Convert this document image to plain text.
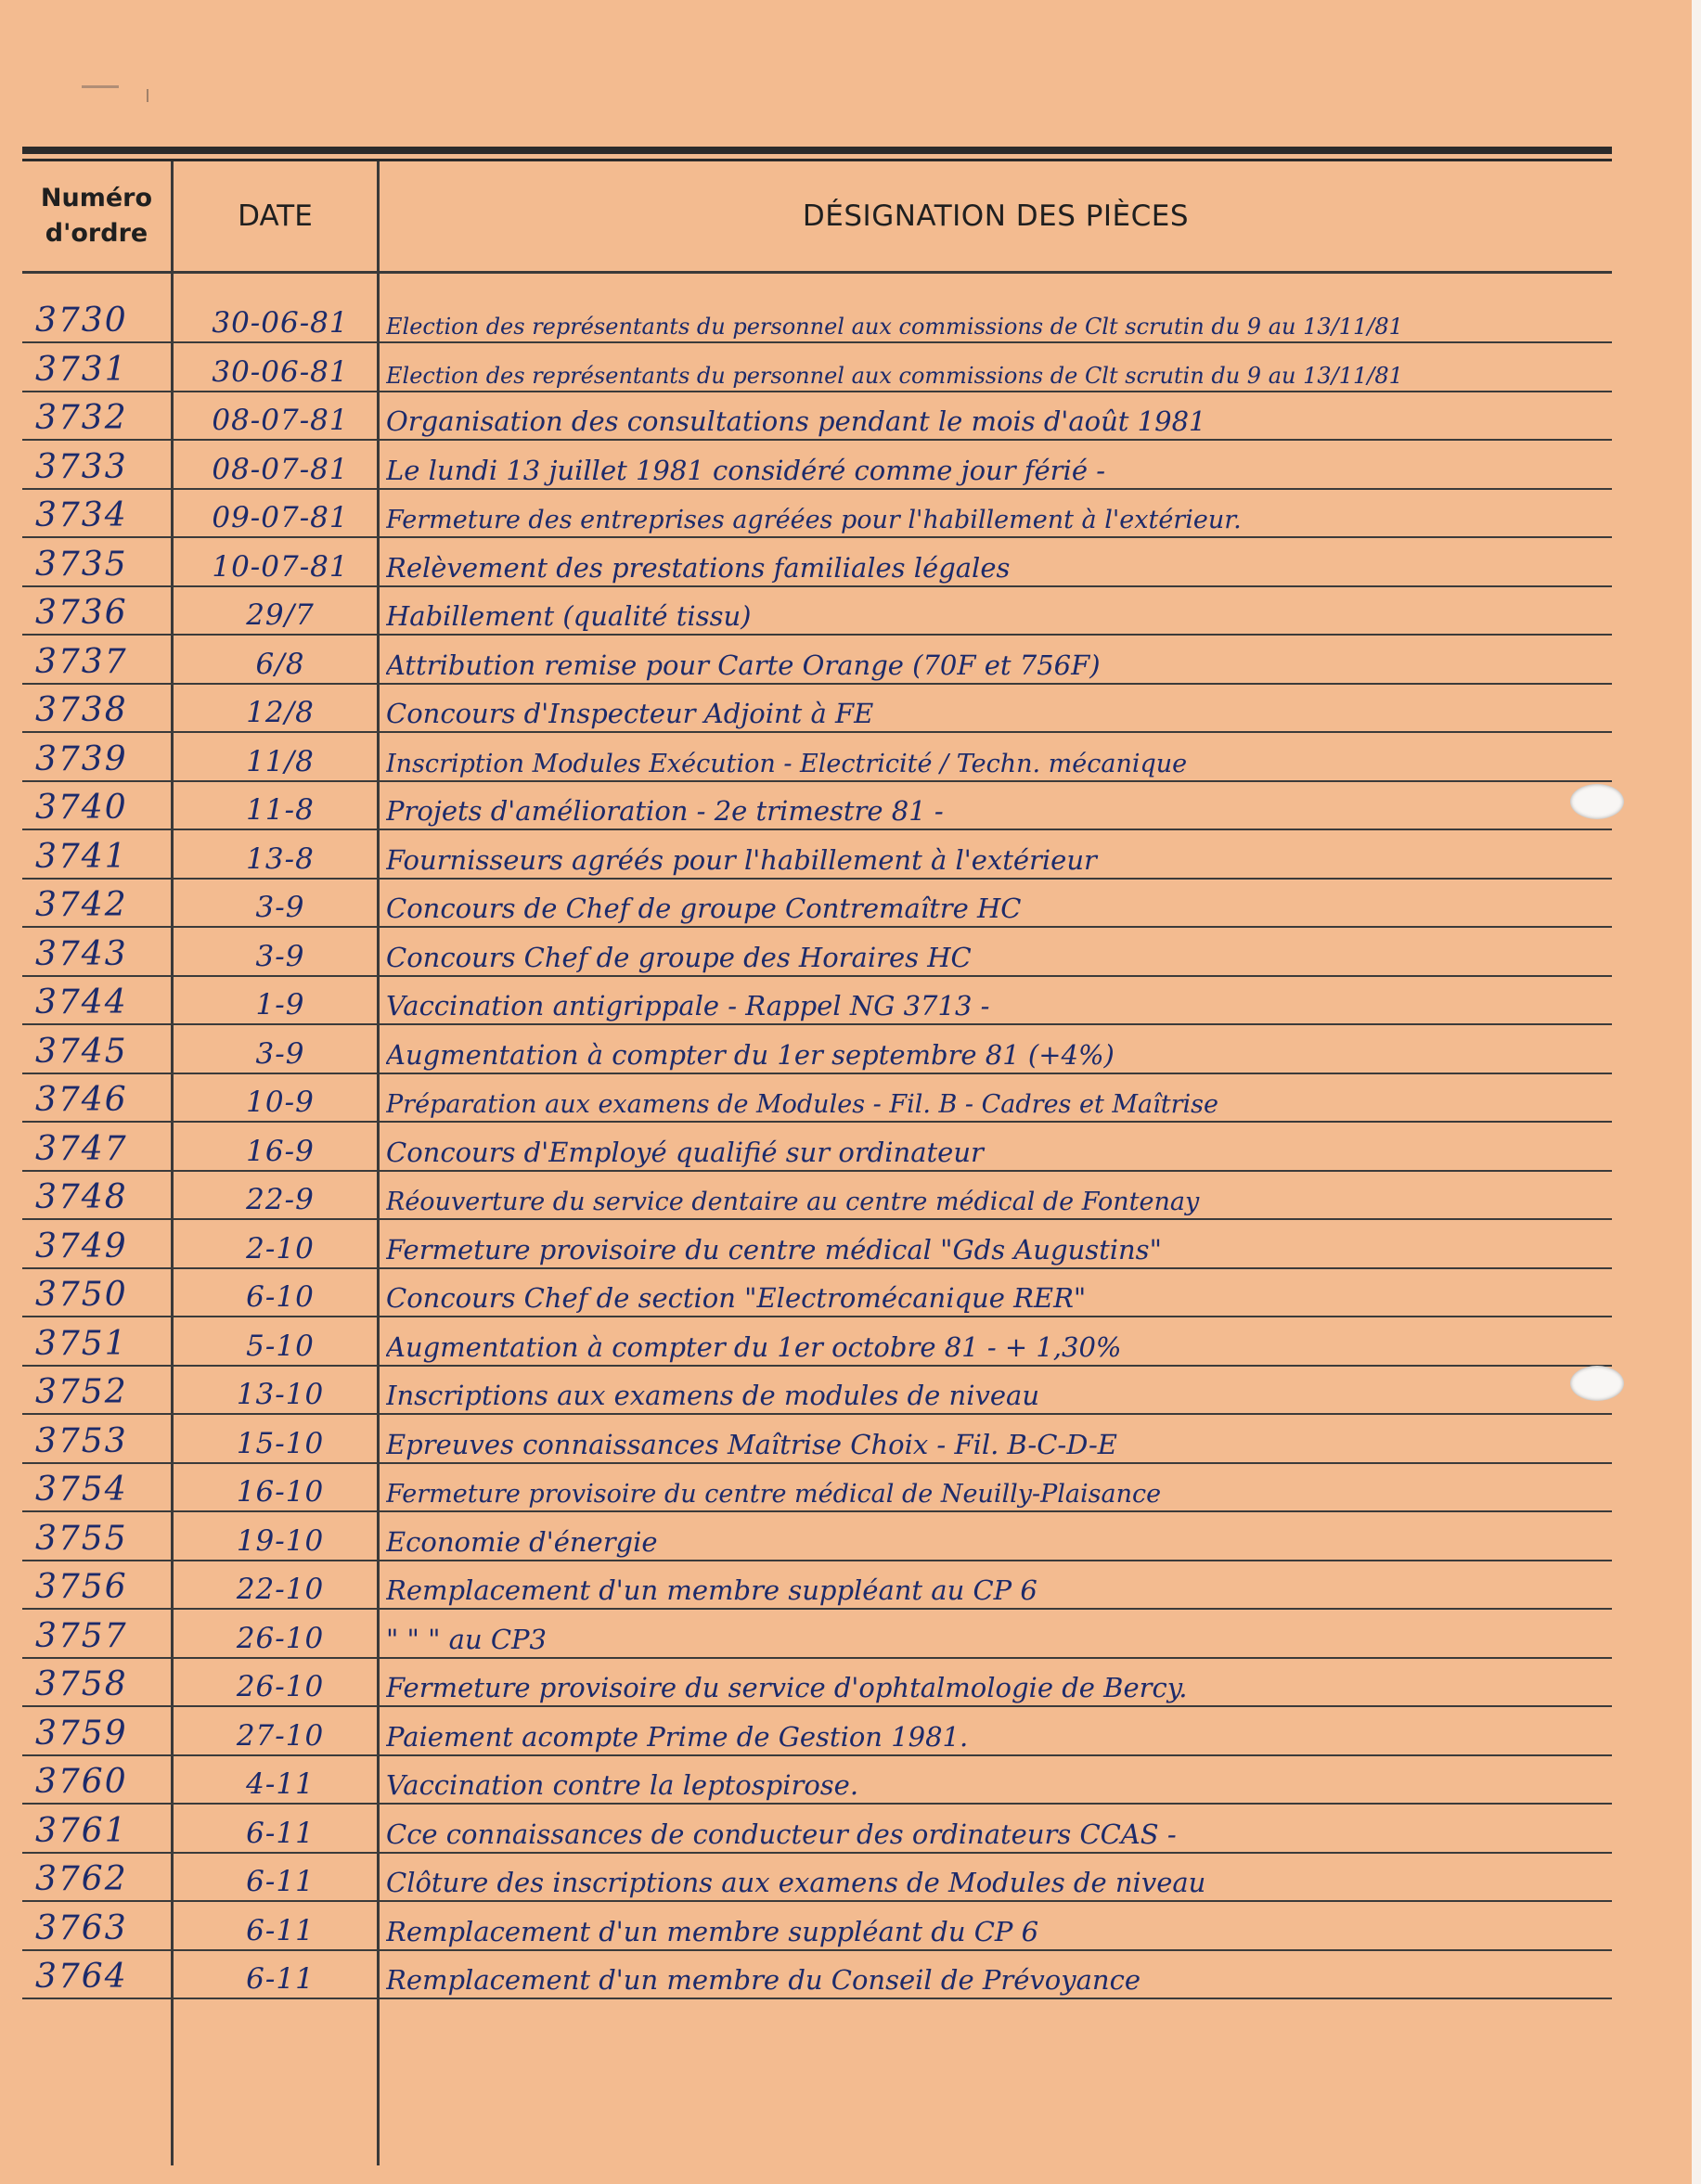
Numéro
d'ordre
DATE	DÉSIGNATION DES PIÈCES
3730	30-06-81	Election des représentants du personnel aux commissions de Clt scrutin du 9 au 13/11/81
3731	30-06-81	Election des représentants du personnel aux commissions de Clt scrutin du 9 au 13/11/81
3732	08-07-81	Organisation des consultations pendant le mois d'août 1981
3733	08-07-81	Le lundi 13 juillet 1981 considéré comme jour férié -
3734	09-07-81	Fermeture des entreprises agréées pour l'habillement à l'extérieur.
3735	10-07-81	Relèvement des prestations familiales légales
3736	29/7	Habillement (qualité tissu)
3737	6/8	Attribution remise pour Carte Orange (70F et 756F)
3738	12/8	Concours d'Inspecteur Adjoint à FE
3739	11/8	Inscription Modules Exécution - Electricité / Techn. mécanique
3740	11-8	Projets d'amélioration - 2e trimestre 81 -
3741	13-8	Fournisseurs agréés pour l'habillement à l'extérieur
3742	3-9	Concours de Chef de groupe Contremaître HC
3743	3-9	Concours Chef de groupe des Horaires HC
3744	1-9	Vaccination antigrippale - Rappel NG 3713 -
3745	3-9	Augmentation à compter du 1er septembre 81 (+4%)
3746	10-9	Préparation aux examens de Modules - Fil. B - Cadres et Maîtrise
3747	16-9	Concours d'Employé qualifié sur ordinateur
3748	22-9	Réouverture du service dentaire au centre médical de Fontenay
3749	2-10	Fermeture provisoire du centre médical "Gds Augustins"
3750	6-10	Concours Chef de section "Electromécanique RER"
3751	5-10	Augmentation à compter du 1er octobre 81 - + 1,30%
3752	13-10	Inscriptions aux examens de modules de niveau
3753	15-10	Epreuves connaissances Maîtrise Choix - Fil. B-C-D-E
3754	16-10	Fermeture provisoire du centre médical de Neuilly-Plaisance
3755	19-10	Economie d'énergie
3756	22-10	Remplacement d'un membre suppléant au CP 6
3757	26-10	" " " au CP3
3758	26-10	Fermeture provisoire du service d'ophtalmologie de Bercy.
3759	27-10	Paiement acompte Prime de Gestion 1981.
3760	4-11	Vaccination contre la leptospirose.
3761	6-11	Cce connaissances de conducteur des ordinateurs CCAS -
3762	6-11	Clôture des inscriptions aux examens de Modules de niveau
3763	6-11	Remplacement d'un membre suppléant du CP 6
3764	6-11	Remplacement d'un membre du Conseil de Prévoyance
